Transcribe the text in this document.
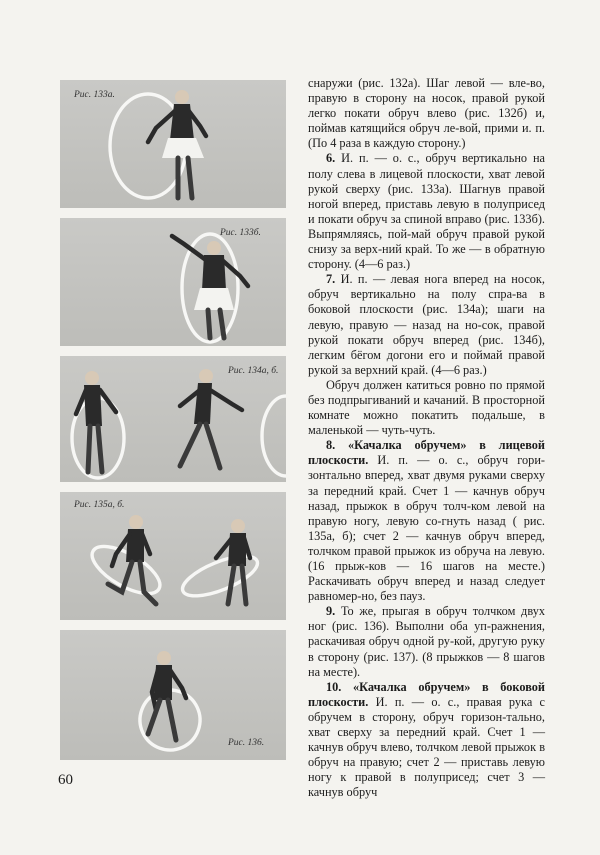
Рис. 133а.
Рис. 133б.
Рис. 134а, б.
Рис. 135а, б.
Рис. 136.

снаружи (рис. 132а). Шаг левой — вле-во, правую в сторону на носок, правой рукой легко покати обруч влево (рис. 132б) и, поймав катящийся обруч ле-вой, прими и. п. (По 4 раза в каждую сторону.)

6. И. п. — о. с., обруч вертикально на полу слева в лицевой плоскости, хват левой рукой сверху (рис. 133а). Шагнув правой ногой вперед, приставь левую в полуприсед и покати обруч за спиной вправо (рис. 133б). Выпрямляясь, пой-май обруч правой рукой снизу за верх-ний край. То же — в обратную сторону. (4—6 раз.)

7. И. п. — левая нога вперед на носок, обруч вертикально на полу спра-ва в боковой плоскости (рис. 134а); шаги на левую, правую — назад на но-сок, правой рукой покати обруч вперед (рис. 134б), легким бёгом догони его и поймай правой рукой за верхний край. (4—6 раз.)

Обруч должен катиться ровно по прямой без подпрыгиваний и качаний. В просторной комнате можно покатить подальше, в маленькой — чуть-чуть.

8. «Качалка обручем» в лицевой плоскости. И. п. — о. с., обруч гори-зонтально вперед, хват двумя руками сверху за передний край. Счет 1 — качнув обруч назад, прыжок в обруч толч-ком левой на правую ногу, левую со-гнуть назад ( рис. 135а, б); счет 2 — качнув обруч вперед, толчком правой прыжок из обруча на левую. (16 прыж-ков — 16 шагов на месте.) Раскачивать обруч вперед и назад следует равномер-но, без пауз.

9. То же, прыгая в обруч толчком двух ног (рис. 136). Выполни оба уп-ражнения, раскачивая обруч одной ру-кой, другую руку в сторону (рис. 137). (8 прыжков — 8 шагов на месте).

10. «Качалка обручем» в боковой плоскости. И. п. — о. с., правая рука с обручем в сторону, обруч горизон-тально, хват сверху за передний край. Счет 1 — качнув обруч влево, толчком левой прыжок в обруч на правую; счет 2 — приставь левую ногу к правой в полуприсед; счет 3 — качнув обруч

60
